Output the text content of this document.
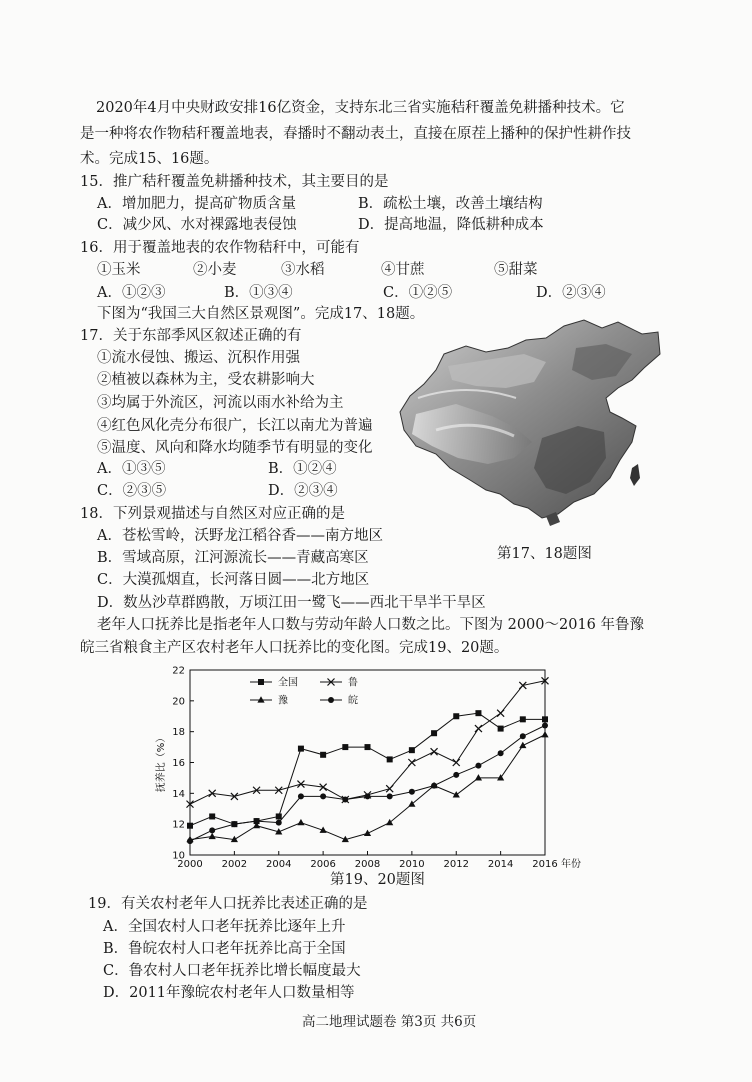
2020年4月中央财政安排16亿资金，支持东北三省实施秸秆覆盖免耕播种技术。它
是一种将农作物秸秆覆盖地表，春播时不翻动表土，直接在原茬上播种的保护性耕作技
术。完成15、16题。
15．推广秸秆覆盖免耕播种技术，其主要目的是
A．增加肥力，提高矿物质含量	B．疏松土壤，改善土壤结构
C．减少风、水对裸露地表侵蚀	D．提高地温，降低耕种成本
16．用于覆盖地表的农作物秸秆中，可能有
①玉米	②小麦	③水稻	④甘蔗	⑤甜菜
A．①②③	B．①③④	C．①②⑤	D．②③④
下图为“我国三大自然区景观图”。完成17、18题。
17．关于东部季风区叙述正确的有
①流水侵蚀、搬运、沉积作用强
②植被以森林为主，受农耕影响大
③均属于外流区，河流以雨水补给为主
④红色风化壳分布很广，长江以南尤为普遍
⑤温度、风向和降水均随季节有明显的变化
A．①③⑤	B．①②④
C．②③⑤	D．②③④
第17、18题图
18．下列景观描述与自然区对应正确的是
A．苍松雪岭，沃野龙江稻谷香——南方地区
B．雪域高原，江河源流长——青藏高寒区
C．大漠孤烟直，长河落日圆——北方地区
D．数丛沙草群鸥散，万顷江田一鹭飞——西北干旱半干旱区
老年人口抚养比是指老年人口数与劳动年龄人口数之比。下图为 2000～2016 年鲁豫
皖三省粮食主产区农村老年人口抚养比的变化图。完成19、20题。
10
12
14
16
18
20
22
2000 2002 2004 2006 2008 2010 2012 2014 2016
全国	鲁
豫	皖
抚养比（%）
年份
第19、20题图
19．有关农村老年人口抚养比表述正确的是
A．全国农村人口老年抚养比逐年上升
B．鲁皖农村人口老年抚养比高于全国
C．鲁农村人口老年抚养比增长幅度最大
D．2011年豫皖农村老年人口数量相等
高二地理试题卷 第3页 共6页
